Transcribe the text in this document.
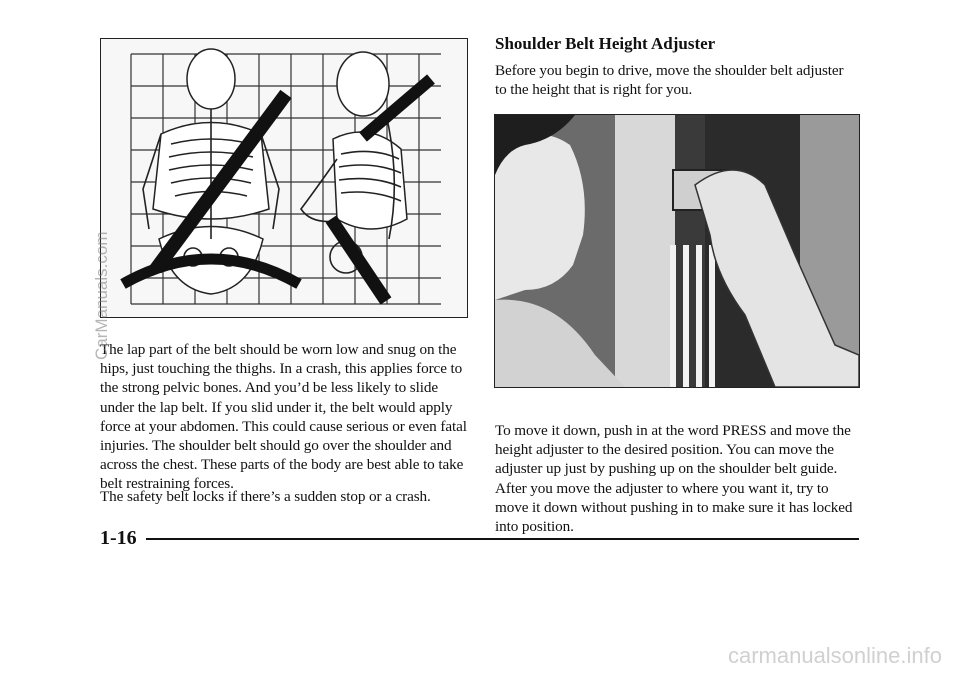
The lap part of the belt should be worn low and snug on the hips, just touching the thighs. In a crash, this applies force to the strong pelvic bones. And you’d be less likely to slide under the lap belt. If you slid under it, the belt would apply force at your abdomen. This could cause serious or even fatal injuries. The shoulder belt should go over the shoulder and across the chest. These parts of the body are best able to take belt restraining forces.

The safety belt locks if there’s a sudden stop or a crash.

Shoulder Belt Height Adjuster

Before you begin to drive, move the shoulder belt adjuster to the height that is right for you.

To move it down, push in at the word PRESS and move the height adjuster to the desired position. You can move the adjuster up just by pushing up on the shoulder belt guide. After you move the adjuster to where you want it, try to move it down without pushing in to make sure it has locked into position.

1-16

CarManuals.com
carmanualsonline.info
